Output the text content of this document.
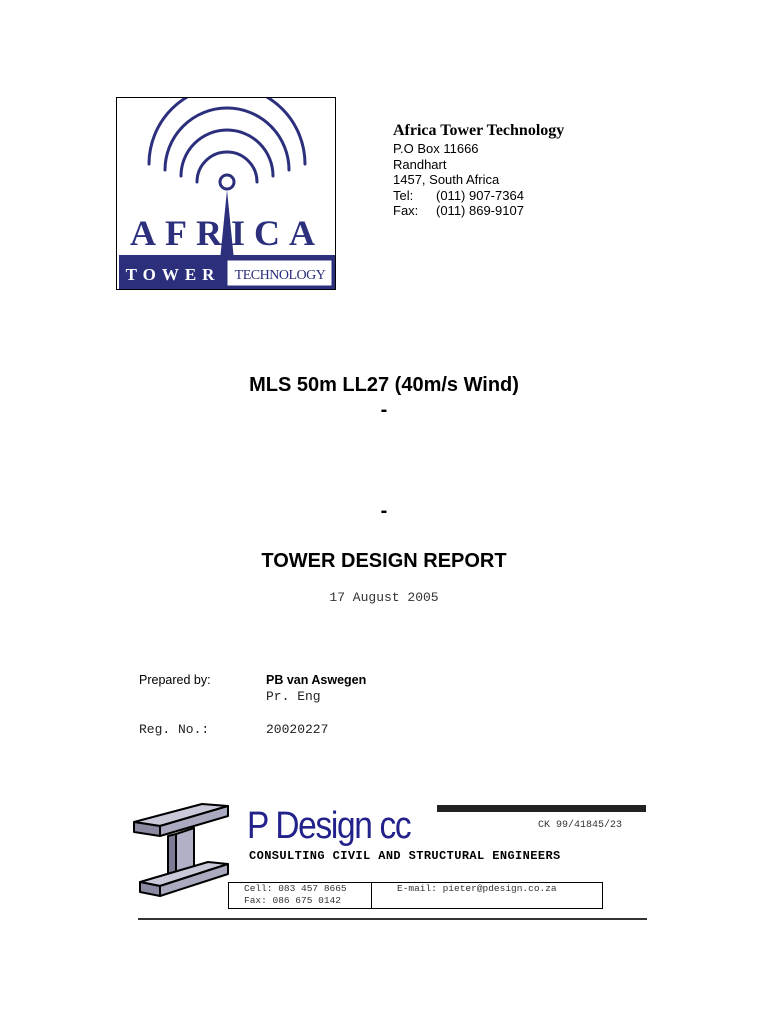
AFRICA
TOWER TECHNOLOGY
Africa Tower Technology
P.O Box 11666
Randhart
1457, South Africa
Tel: (011) 907-7364
Fax: (011) 869-9107
MLS 50m LL27 (40m/s Wind)
-
-
TOWER DESIGN REPORT
17 August 2005
Prepared by:	PB van Aswegen
Pr. Eng
Reg. No.:	20020227
P Design cc	CK 99/41845/23
CONSULTING CIVIL AND STRUCTURAL ENGINEERS
Cell: 083 457 8665
Fax: 086 675 0142
E-mail: pieter@pdesign.co.za
